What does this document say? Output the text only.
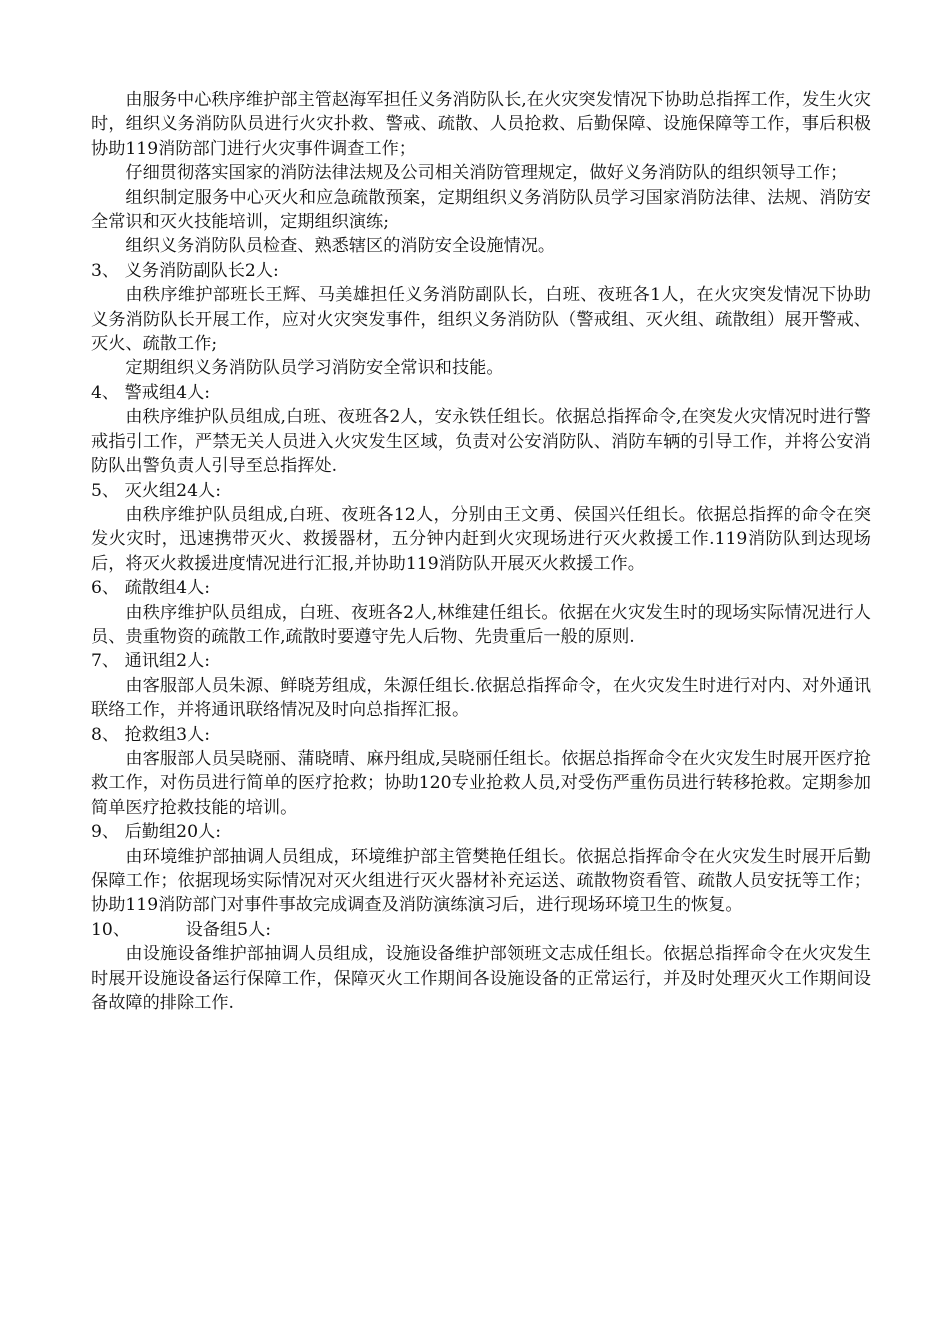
由服务中心秩序维护部主管赵海军担任义务消防队长,在火灾突发情况下协助总指挥工作，发生火灾时，组织义务消防队员进行火灾扑救、警戒、疏散、人员抢救、后勤保障、设施保障等工作，事后积极协助119消防部门进行火灾事件调查工作；

仔细贯彻落实国家的消防法律法规及公司相关消防管理规定，做好义务消防队的组织领导工作；

组织制定服务中心灭火和应急疏散预案，定期组织义务消防队员学习国家消防法律、法规、消防安全常识和灭火技能培训，定期组织演练;

组织义务消防队员检查、熟悉辖区的消防安全设施情况。

3、 义务消防副队长2人:

由秩序维护部班长王辉、马美雄担任义务消防副队长，白班、夜班各1人，在火灾突发情况下协助义务消防队长开展工作，应对火灾突发事件，组织义务消防队（警戒组、灭火组、疏散组）展开警戒、灭火、疏散工作;

定期组织义务消防队员学习消防安全常识和技能。

4、 警戒组4人:

由秩序维护队员组成,白班、夜班各2人，安永铁任组长。依据总指挥命令,在突发火灾情况时进行警戒指引工作，严禁无关人员进入火灾发生区域，负责对公安消防队、消防车辆的引导工作，并将公安消防队出警负责人引导至总指挥处.

5、 灭火组24人:

由秩序维护队员组成,白班、夜班各12人，分别由王文勇、侯国兴任组长。依据总指挥的命令在突发火灾时，迅速携带灭火、救援器材，五分钟内赶到火灾现场进行灭火救援工作.119消防队到达现场后，将灭火救援进度情况进行汇报,并协助119消防队开展灭火救援工作。

6、 疏散组4人:

由秩序维护队员组成，白班、夜班各2人,林维建任组长。依据在火灾发生时的现场实际情况进行人员、贵重物资的疏散工作,疏散时要遵守先人后物、先贵重后一般的原则.

7、 通讯组2人:

由客服部人员朱源、鲜晓芳组成，朱源任组长.依据总指挥命令，在火灾发生时进行对内、对外通讯联络工作，并将通讯联络情况及时向总指挥汇报。

8、 抢救组3人:

由客服部人员吴晓丽、蒲晓晴、麻丹组成,吴晓丽任组长。依据总指挥命令在火灾发生时展开医疗抢救工作，对伤员进行简单的医疗抢救；协助120专业抢救人员,对受伤严重伤员进行转移抢救。定期参加简单医疗抢救技能的培训。

9、 后勤组20人:

由环境维护部抽调人员组成，环境维护部主管樊艳任组长。依据总指挥命令在火灾发生时展开后勤保障工作；依据现场实际情况对灭火组进行灭火器材补充运送、疏散物资看管、疏散人员安抚等工作；协助119消防部门对事件事故完成调查及消防演练演习后，进行现场环境卫生的恢复。

10、	设备组5人:

由设施设备维护部抽调人员组成，设施设备维护部领班文志成任组长。依据总指挥命令在火灾发生时展开设施设备运行保障工作，保障灭火工作期间各设施设备的正常运行，并及时处理灭火工作期间设备故障的排除工作.
